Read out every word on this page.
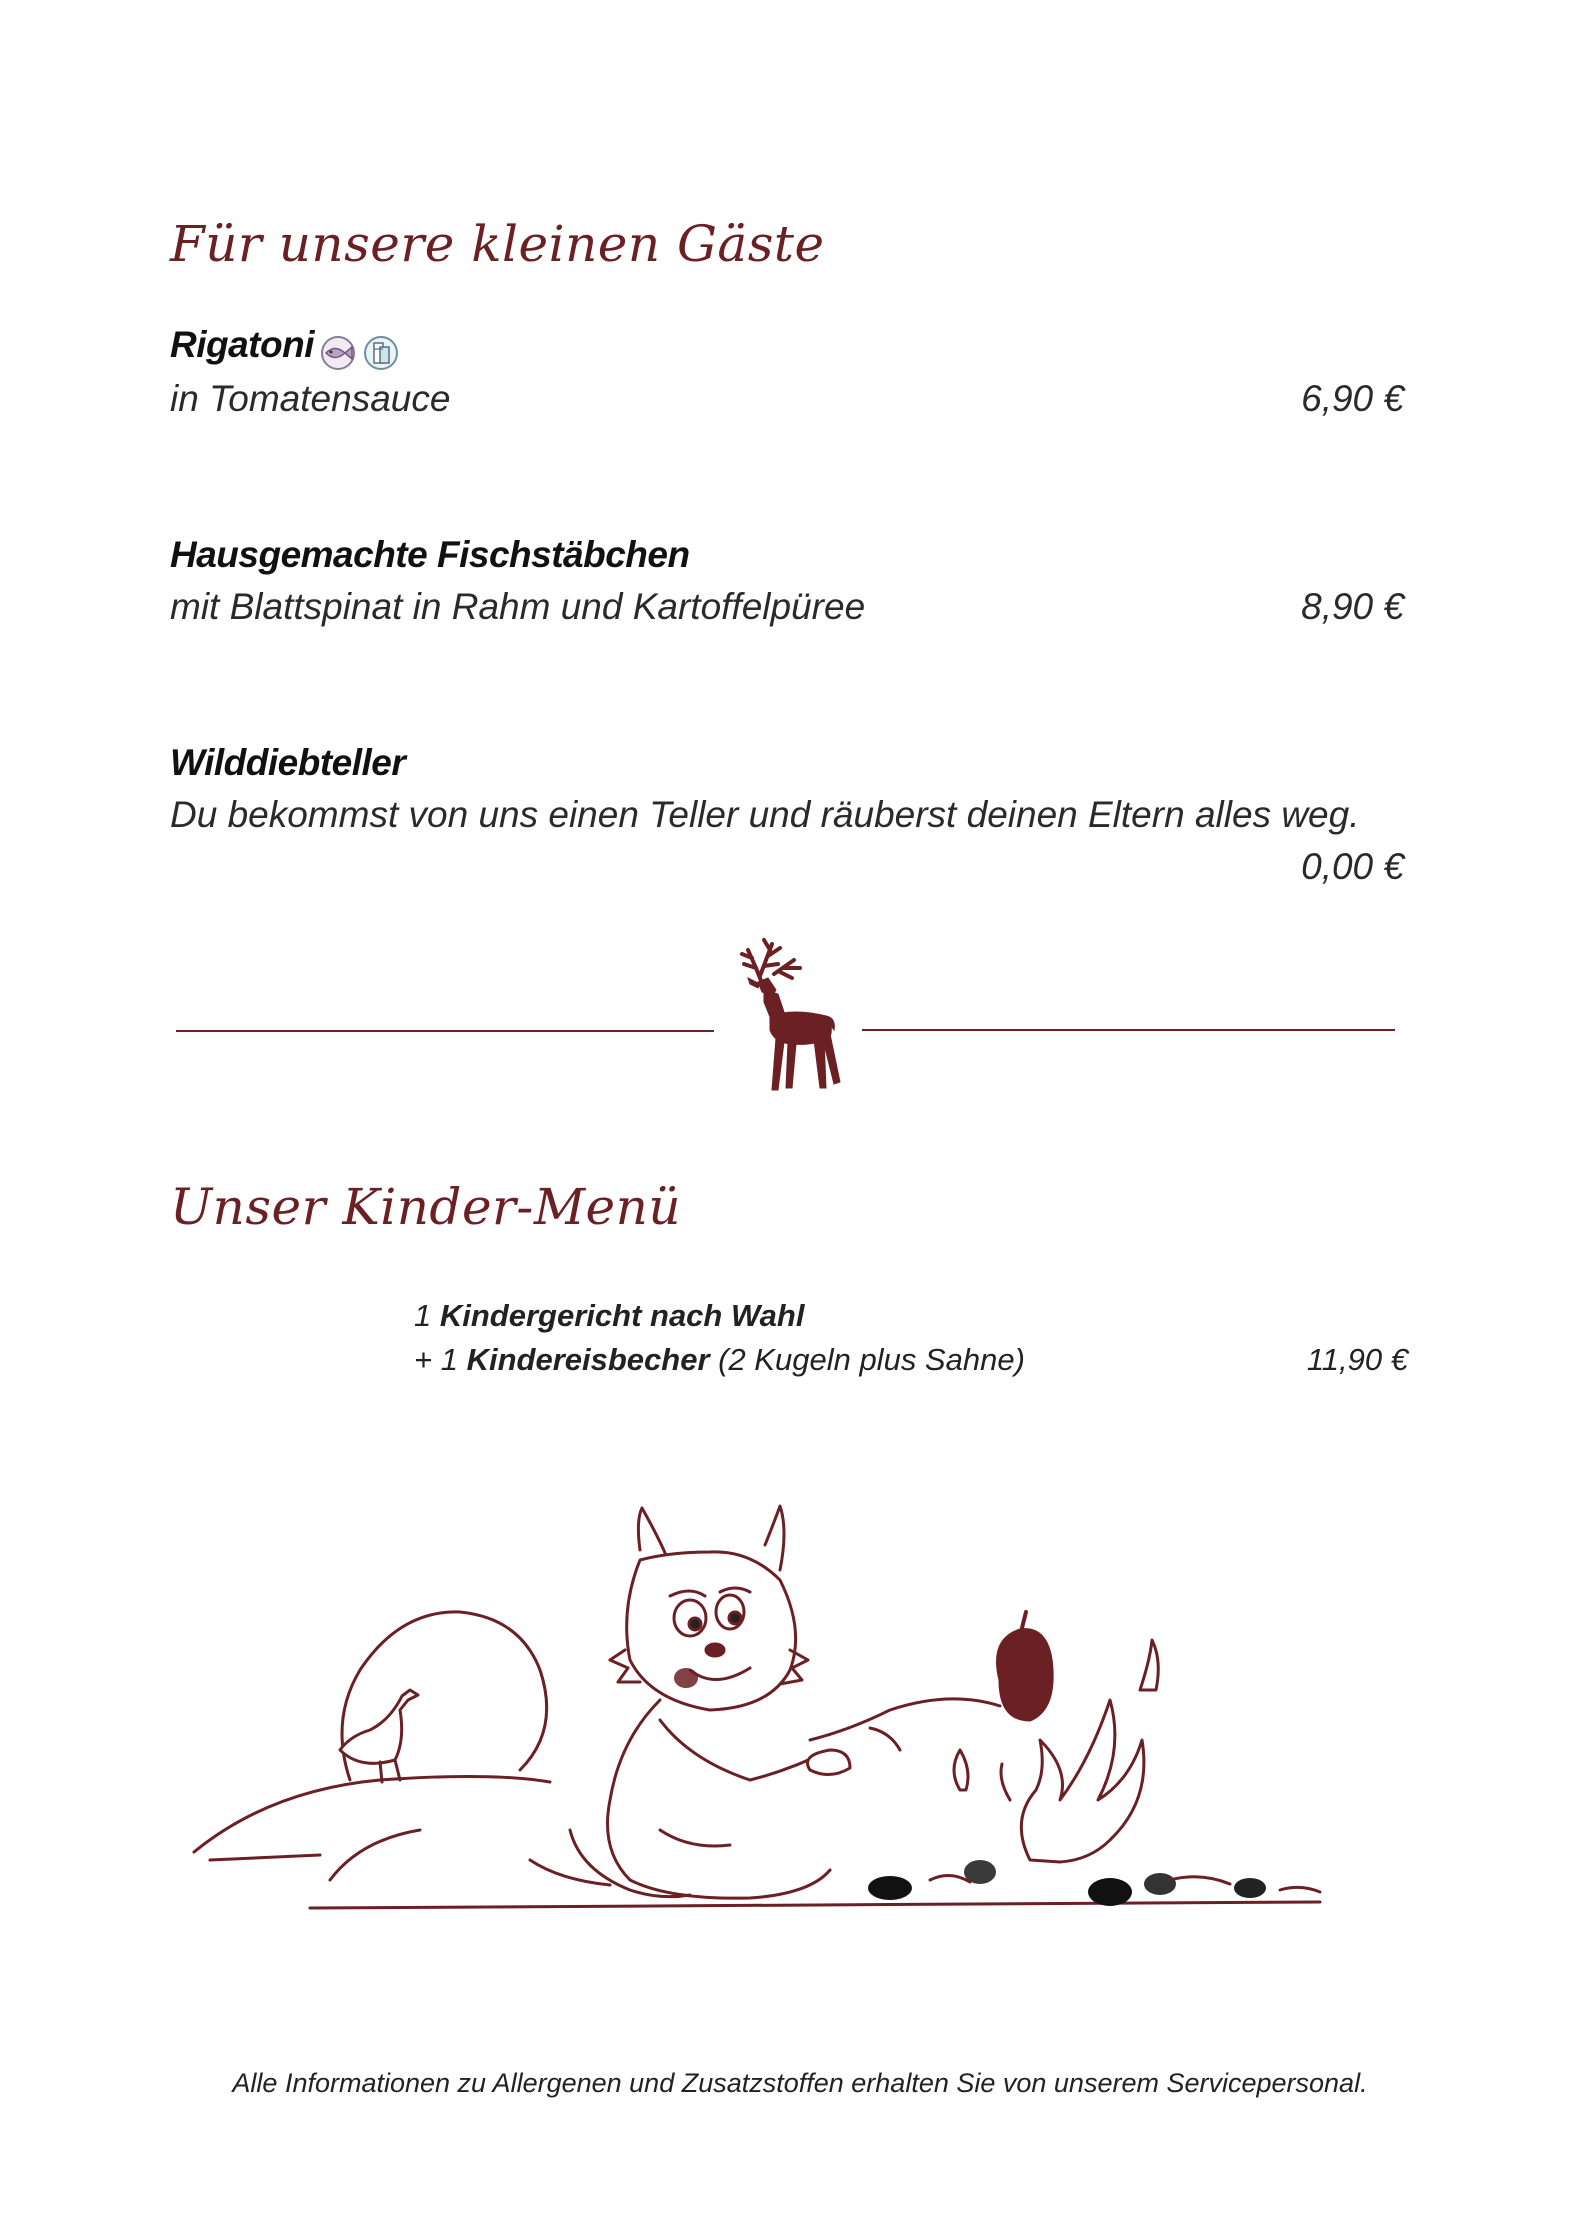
Für unsere kleinen Gäste
Rigatoni
in Tomatensauce	6,90 €
Hausgemachte Fischstäbchen
mit Blattspinat in Rahm und Kartoffelpüree	8,90 €
Wilddiebteller
Du bekommst von uns einen Teller und räuberst deinen Eltern alles weg.
0,00 €
Unser Kinder-Menü
1 Kindergericht nach Wahl
+ 1 Kindereisbecher (2 Kugeln plus Sahne)	11,90 €
Alle Informationen zu Allergenen und Zusatzstoffen erhalten Sie von unserem Servicepersonal.
